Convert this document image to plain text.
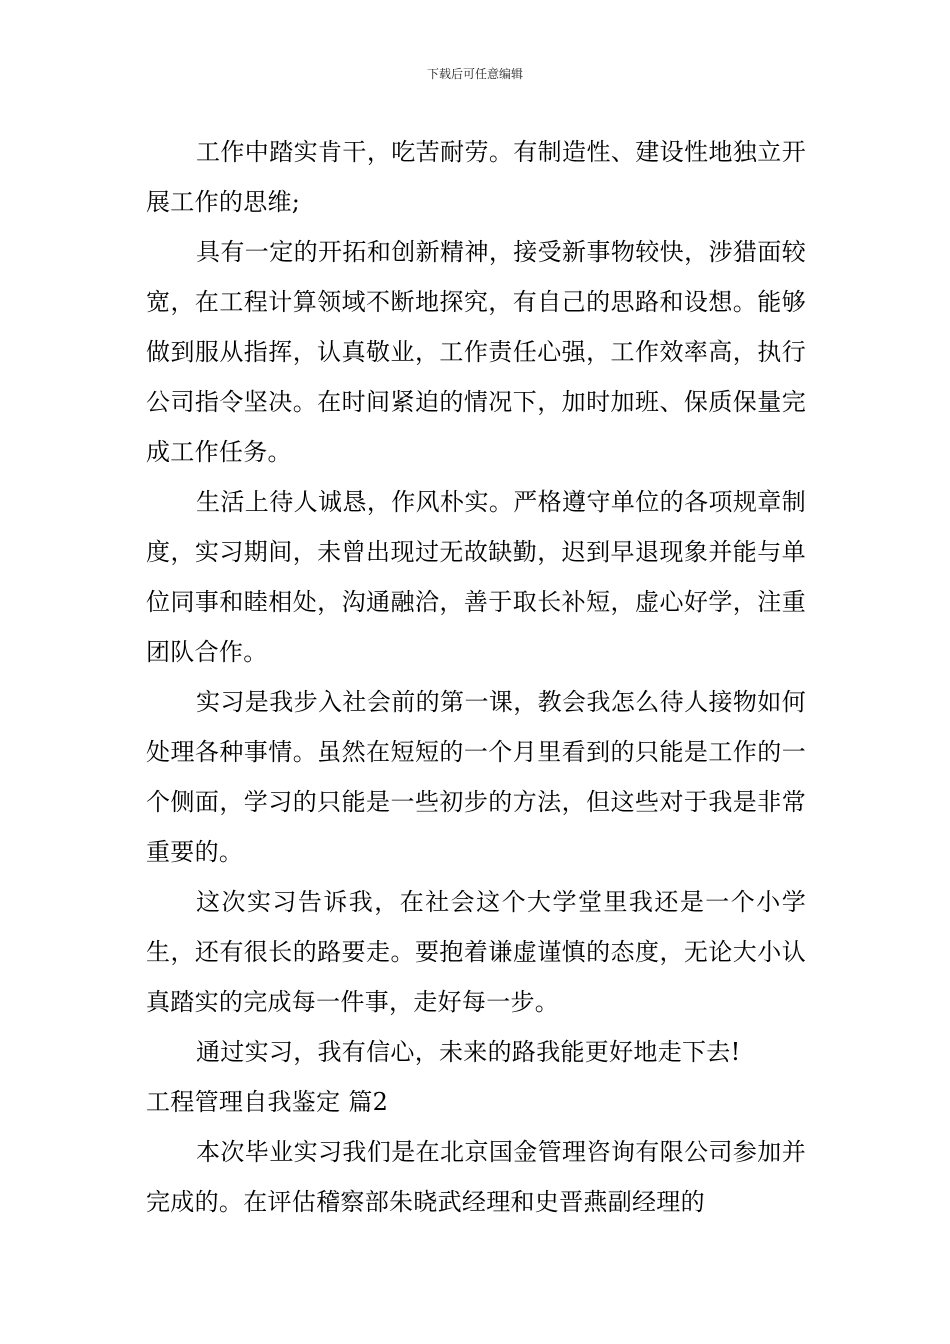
下载后可任意编辑

工作中踏实肯干，吃苦耐劳。有制造性、建设性地独立开展工作的思维;

具有一定的开拓和创新精神，接受新事物较快，涉猎面较宽，在工程计算领域不断地探究，有自己的思路和设想。能够做到服从指挥，认真敬业，工作责任心强，工作效率高，执行公司指令坚决。在时间紧迫的情况下，加时加班、保质保量完成工作任务。

生活上待人诚恳，作风朴实。严格遵守单位的各项规章制度，实习期间，未曾出现过无故缺勤，迟到早退现象并能与单位同事和睦相处，沟通融洽，善于取长补短，虚心好学，注重团队合作。

实习是我步入社会前的第一课，教会我怎么待人接物如何处理各种事情。虽然在短短的一个月里看到的只能是工作的一个侧面，学习的只能是一些初步的方法，但这些对于我是非常重要的。

这次实习告诉我，在社会这个大学堂里我还是一个小学生，还有很长的路要走。要抱着谦虚谨慎的态度，无论大小认真踏实的完成每一件事，走好每一步。

通过实习，我有信心，未来的路我能更好地走下去!

工程管理自我鉴定 篇2

本次毕业实习我们是在北京国金管理咨询有限公司参加并完成的。在评估稽察部朱晓武经理和史晋燕副经理的
